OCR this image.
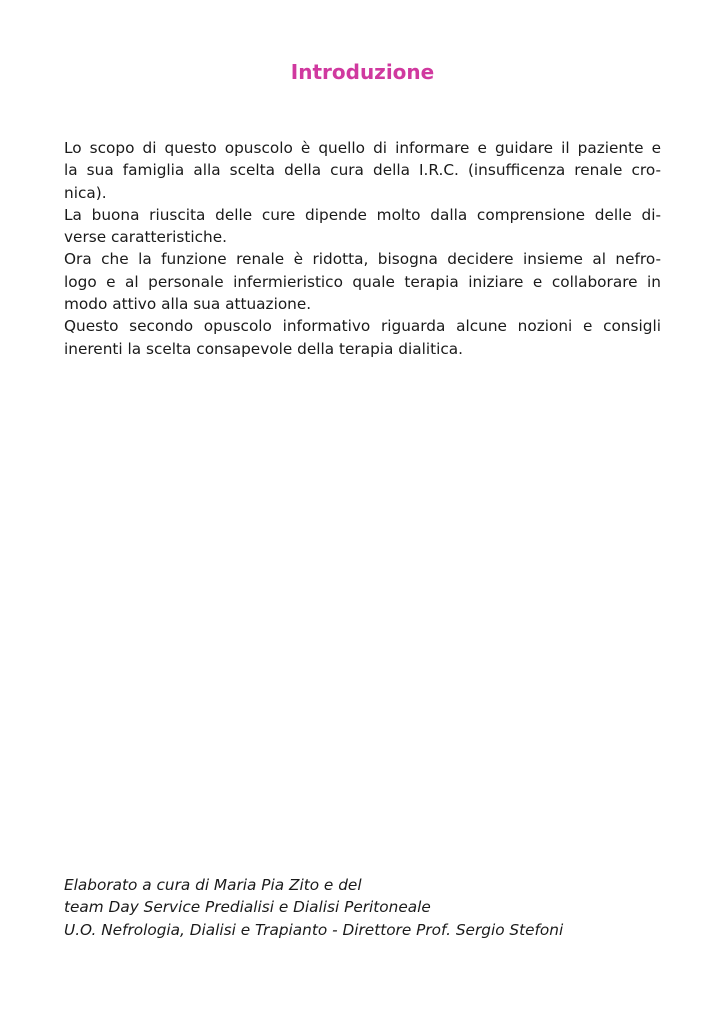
Introduzione
Lo scopo di questo opuscolo è quello di informare e guidare il paziente e
la sua famiglia alla scelta della cura della I.R.C. (insufficenza renale cro-
nica).
La buona riuscita delle cure dipende molto dalla comprensione delle di-
verse caratteristiche.
Ora che la funzione renale è ridotta, bisogna decidere insieme al nefro-
logo e al personale infermieristico quale terapia iniziare e collaborare in
modo attivo alla sua attuazione.
Questo secondo opuscolo informativo riguarda alcune nozioni e consigli
inerenti la scelta consapevole della terapia dialitica.
Elaborato a cura di Maria Pia Zito e del
team Day Service Predialisi e Dialisi Peritoneale
U.O. Nefrologia, Dialisi e Trapianto - Direttore Prof. Sergio Stefoni
